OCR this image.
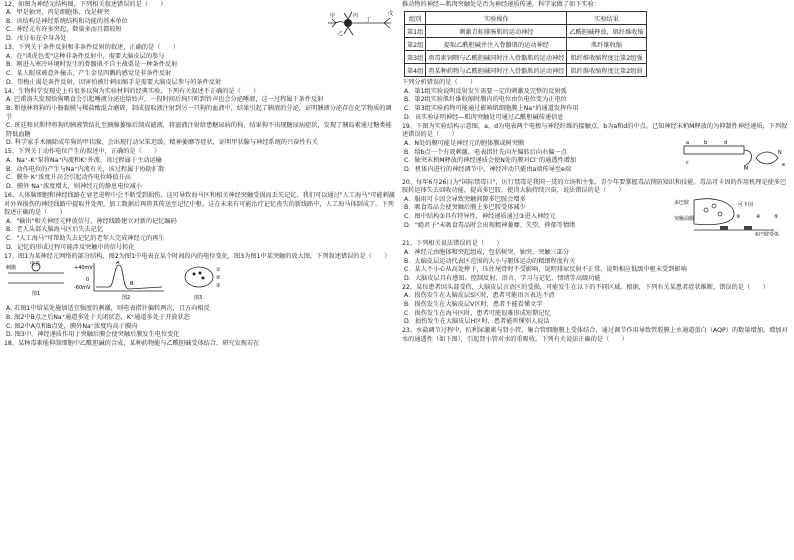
12、如图为神经元结构图，下列相关叙述错误的是（　　）

A．甲是轴突，丙是细胞体，戊是树突

B．该结构是神经系统结构和功能的基本单位

C．神经元有许多突起，数量多而且都较短

D．戊分布在全身各处

甲
乙
丙
丁
戊

13、下列关于条件反射和非条件反射的叙述，正确的是（　　）

A．在"谈虎色变"这种非条件反射中，需要大脑皮层的参与

B．刚进入寒冷环境时发生的骨骼肌不自主战栗是一种条件反射

C．某人眼球被意外撞击，产生金星四溅的感觉是非条件反射

D．望梅止渴是条件反射，因害怕被针刺而缩手是需要大脑皮层参与的条件反射

14、生物科学发现史上有很多以狗为实验材料的经典实验，下列有关叙述不正确的是（　　）

A. 巴甫洛夫发现给狗喂食会引起唾液分泌也给铃声，一段时间后狗只听到铃声也会分泌唾液，这一过程属于条件反射

B. 斯他林将狗的小肠黏膜与稀盐酸混合磨碎，制成提取液注射到另一只狗的血液中，结果引起了胰液的分泌，证明胰液分泌存在化学物质的调节

C. 班廷和贝斯特将狗的胰液管结扎至胰腺萎缩后制成滤液，将滤液注射给患糖尿病的狗，结果狗不出现糖尿病症状，发现了胰岛素通过糖类能降低血糖

D. 科学家手术摘除成年狗的甲状腺，会出现行动呆笨迟缓、精神萎靡等症状，证明甲状腺与神经系统的兴奋性有关

15、下列关于动作电位产生的叙述中，正确的是（　　）

A．Na⁺-K⁺泵将Na⁺内流和K⁺外流，该过程属于主动运输

B．动作电位的产生与Na⁺内流有关，该过程属于协助扩散

C．膜外 K⁺浓度升高会引起动作电位峰值升高

D．膜外 Na⁺浓度增大，则神经元的静息电位减小

16、人体脑细胞和神经线路在衰老进程中会不断受到损伤，这可导致海马区和相关神经突触受损而丢失记忆。我们可以通过"人工海马"可能刺激对外界损伤的神经线路中提取并处理，加工数据后再将其传送至记忆中枢，这在未来有可能治疗记忆丧失的新线路中，人工海马体制成了。下列叙述正确的是（　　）

A．"输出"相关神经元释放信号，神经线路建立对新的记忆编码

B．老人头部大脑海马区后失去记忆

C．"人工海马"可帮助失去记忆的老年人完成神经元的再生

D．记忆的形成过程可能涉及突触中的信号转化

17、图1为某神经元网络的部分结构，图2为图1中电表在某个时间段内的电位变化，图3为图1中某突触的放大图，下列叙述错误的是（　　）

刺激
电表
图1
+40mV
0
-60mV
A
B
图2
①
②
③
图3

A. 若图1中给某处施加适宜强度的刺激，则电表指针偏转两次，且方向相反

B. 图2中B点之后Na⁺通道多处于关闭状态，K⁺通道多处于开放状态

C. 图2中A点和B点处，膜外Na⁺浓度均高于膜内

D. 图3中，神经递质作用于突触后膜会使突触后膜发生电位变化

18、某种毒素能抑制细胞中乙酰胆碱的合成，某种药物能与乙酰胆碱受体结合，研究发现若在

推动物的神经—肌肉突触处是否为神经递质传递，科学家做了如下实验：

组别	实验操作	实验结果
第1组	刺激青蛙腓肠肌的运动神经	乙酰胆碱释放，肌纤维收缩
第2组	提取乙酰胆碱并注入骨骼肌的运动神经	肌纤维收缩
第3组	将毒素饲喂与乙酰胆碱同时注入骨骼肌的运动神经	肌纤维收缩程度比第2组强
第4组	将某种药物与乙酰胆碱同时注入骨骼肌的运动神经	肌纤维收缩程度比第2组弱

下列分析错误的是（　　）

A．第1组实验说明反射发生需要一定的刺激及完整的反射弧

B．第2组实验肌纤维收缩时膜内的电位由负电位变为正电位

C．第3组实验药物可能通过影响肌细胞膜上Na⁺的通道发挥作用

D．该实验证明神经—肌肉突触处可通过乙酰胆碱传递信息

19、下图为实验结构示意图，a、d为电表两个电极与神经纤维的接触点，b为a和d的中点。已知神经末梢M释放的为抑制性神经递质，下列叙述错误的是（　　）

A．N处的膜可能是神经元的胞体膜或树突膜

B．给b点一个有效刺激，电表指针先向左偏转后向右偏一点

C．轴突末梢M释放的神经递质会使N处的膜对Cl⁻的通透性增加

D．机体内进行的神经调节中，神经冲动只能由a端传导至e端

a	b	d
M
N
c	e

20、每年6月26日为"国际禁毒日"，厉行禁毒是我国一贯的立场和主张，青少年要掌握毒品预防知识和技能。毒品可卡因的作用机理是使多巴胺转运体失去回收功能，提高多巴胺，使得大脑持续兴奋，说法错误的是（　　）

A．服用可卡因会导致突触间隙多巴胺会增多

B．吸食毒品会使突触后膜上多巴胺受体减少

C．图中结构③具有特异性，神经递质通过③进入神经元

D．"瘾君子"未吸食毒品时会出现精神萎靡、失望、抑郁等情绪

多巴胺	可卡因
③	④	⑤
突触前膜
多巴胺受体

21、下列相关说法错误的是（　　）

A．神经元由胞体和突起组成，包括树突、轴突、突触三部分

B．大脑皮层运动代表区范围的大小与躯体运动的精细程度有关

C．某人不小心从高处摔下，压住尾骨时不受影响，说明排尿反射不正常，说明相应低级中枢未受到影响

D．大脑皮层具有感知、控制反射、语言、学习与记忆、情绪等高级功能

22、某位患者因头部受伤，大脑皮层言语区的受损，可能发生在以下的不同区域。根据，下列有关某患者症状推断，错误的是（　　）

A．损伤发生在大脑皮层S区时，患者可能语言表达不清

B．损伤发生在大脑皮层V区时，患者不能看懂文字

C．损伤发生在海马区时，患者可能很难形成短期记忆

D．损伤发生在大脑皮层H区时，患者能听懂别人说话

23、水盐调节过程中，抗利尿激素与肾小管、集合管细胞膜上受体结合，通过调节作用导致管腔膜上水通道蛋白（AQP）的数量增加，增加对水的通透性（如下图），引起肾小管对水的重吸收。下列有关说法正确的是（　　）
